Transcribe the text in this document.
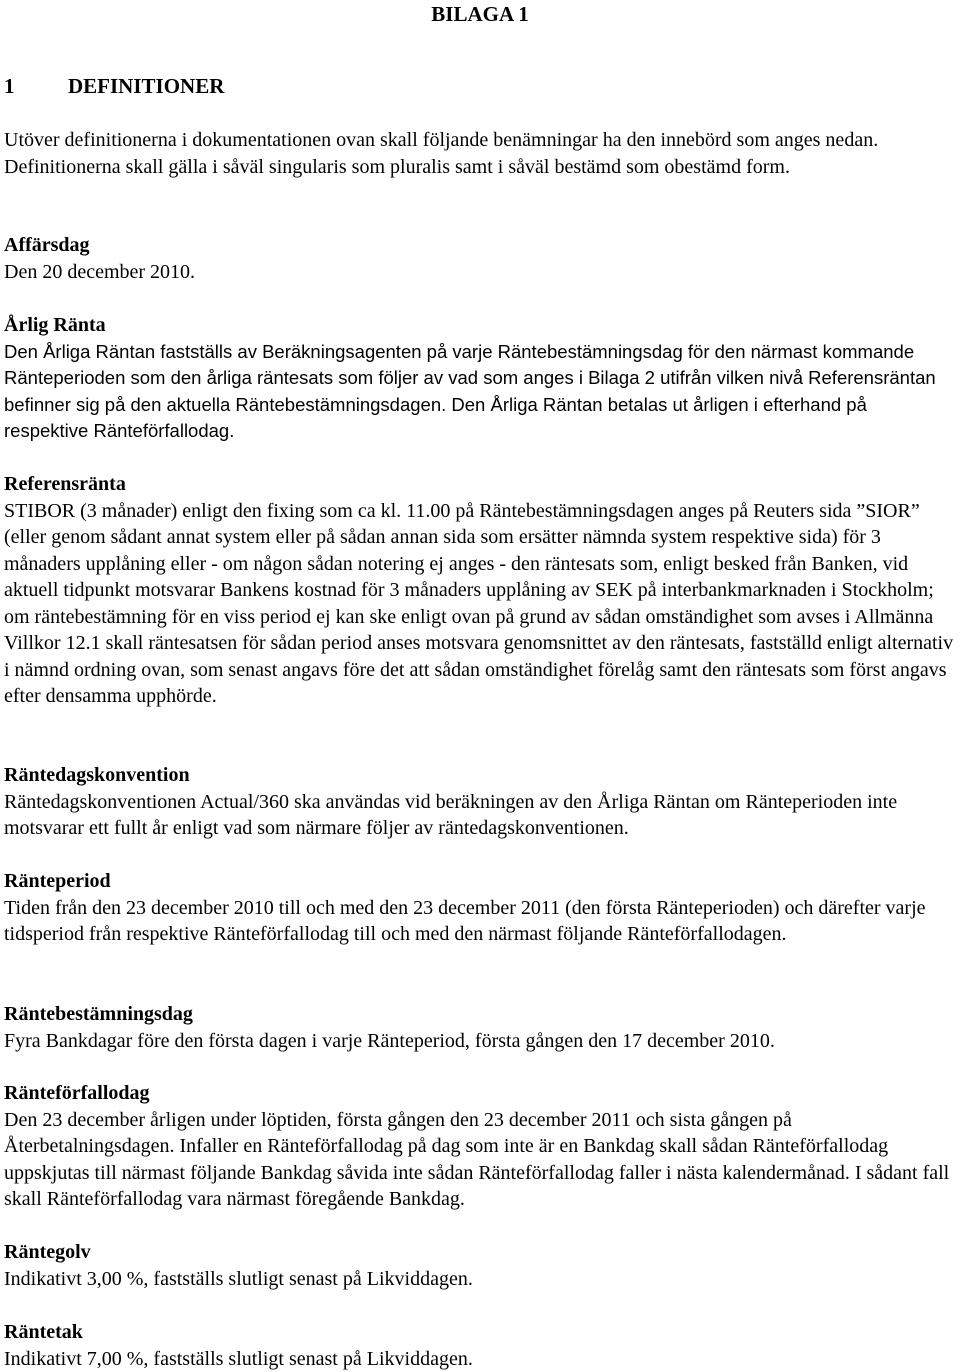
BILAGA 1
1	DEFINITIONER

Utöver definitionerna i dokumentationen ovan skall följande benämningar ha den innebörd som anges nedan. Definitionerna skall gälla i såväl singularis som pluralis samt i såväl bestämd som obestämd form.

Affärsdag

Den 20 december 2010.

Årlig Ränta

Den Årliga Räntan fastställs av Beräkningsagenten på varje Räntebestämningsdag för den närmast kommande Ränteperioden som den årliga räntesats som följer av vad som anges i Bilaga 2 utifrån vilken nivå Referensräntan befinner sig på den aktuella Räntebestämningsdagen. Den Årliga Räntan betalas ut årligen i efterhand på respektive Ränteförfallodag.

Referensränta

STIBOR (3 månader) enligt den fixing som ca kl. 11.00 på Räntebestämningsdagen anges på Reuters sida ”SIOR” (eller genom sådant annat system eller på sådan annan sida som ersätter nämnda system respektive sida) för 3 månaders upplåning eller - om någon sådan notering ej anges - den räntesats som, enligt besked från Banken, vid aktuell tidpunkt motsvarar Bankens kostnad för 3 månaders upplåning av SEK på interbankmarknaden i Stockholm; om räntebestämning för en viss period ej kan ske enligt ovan på grund av sådan omständighet som avses i Allmänna Villkor 12.1 skall räntesatsen för sådan period anses motsvara genomsnittet av den räntesats, fastställd enligt alternativ i nämnd ordning ovan, som senast angavs före det att sådan omständighet förelåg samt den räntesats som först angavs efter densamma upphörde.

Räntedagskonvention

Räntedagskonventionen Actual/360 ska användas vid beräkningen av den Årliga Räntan om Ränteperioden inte motsvarar ett fullt år enligt vad som närmare följer av räntedagskonventionen.

Ränteperiod

Tiden från den 23 december 2010 till och med den 23 december 2011 (den första Ränteperioden) och därefter varje tidsperiod från respektive Ränteförfallodag till och med den närmast följande Ränteförfallodagen.

Räntebestämningsdag

Fyra Bankdagar före den första dagen i varje Ränteperiod, första gången den 17 december 2010.

Ränteförfallodag

Den 23 december årligen under löptiden, första gången den 23 december 2011 och sista gången på Återbetalningsdagen. Infaller en Ränteförfallodag på dag som inte är en Bankdag skall sådan Ränteförfallodag uppskjutas till närmast följande Bankdag såvida inte sådan Ränteförfallodag faller i nästa kalendermånad. I sådant fall skall Ränteförfallodag vara närmast föregående Bankdag.

Räntegolv

Indikativt 3,00 %, fastställs slutligt senast på Likviddagen.

Räntetak

Indikativt 7,00 %, fastställs slutligt senast på Likviddagen.
